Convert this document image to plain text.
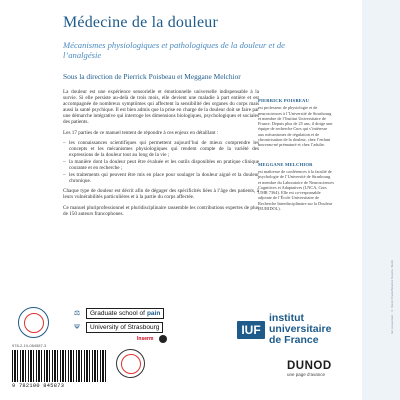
En couverture : © Kevin Crane/Science Source, Stock
Médecine de la douleur
Mécanismes physiologiques et pathologiques de la douleur et de l’analgésie
Sous la direction de Pierrick Poisbeau et Meggane Melchior

La douleur est une expérience sensorielle et émotionnelle universelle indispensable à la survie. Si elle persiste au-delà de trois mois, elle devient une maladie à part entière et est accompagnée de nombreux symptômes qui affectent la sensibilité des organes du corps mais aussi la santé psychique. Il est bien admis que la prise en charge de la douleur doit se faire par une démarche intégrative qui interroge les dimensions biologiques, psychologiques et sociales des patients.

Les 17 parties de ce manuel tentent de répondre à ces enjeux en détaillant :

– les connaissances scientifiques qui permettent aujourd’hui de mieux comprendre les concepts et les mécanismes physiologiques qui rendent compte de la variété des expressions de la douleur tout au long de la vie ;
– la manière dont la douleur peut être évaluée et les outils disponibles en pratique clinique courante et en recherche ;
– les traitements qui peuvent être mis en place pour soulager la douleur aiguë et la douleur chronique.

Chaque type de douleur est décrit afin de dégager des spécificités liées à l’âge des patients, à leurs vulnérabilités particulières et à la partie du corps affectée.

Ce manuel pluriprofessionnel et pluridisciplinaire rassemble les contributions expertes de plus de 150 auteurs francophones.

PIERRICK POISBEAU
est professeur de physiologie et de neurosciences à l’Université de Strasbourg et membre de l’Institut Universitaire de France. Depuis plus de 25 ans, il dirige une équipe de recherche Cnrs qui s’intéresse aux mécanismes de régulation et de chronicisation de la douleur, chez l’enfant nouveau-né prématuré et chez l’adulte.
MEGGANE MELCHIOR
est maîtresse de conférences à la faculté de psychologie de l’Université de Strasbourg et membre du Laboratoire de Neurosciences Cognitives et Adaptatives (LNCA, Cnrs UMR 7364). Elle est co-responsable adjointe de l’École Universitaire de Recherche Interdisciplinaire sur la Douleur (EURIDOL).
⚖	Graduate school of pain
Ψ	University of Strasbourg
Inserm
IUF
institut
universitaire
de France
978-2-10-084587-3
9 782100 845873
DUNOD
une page d’avance
